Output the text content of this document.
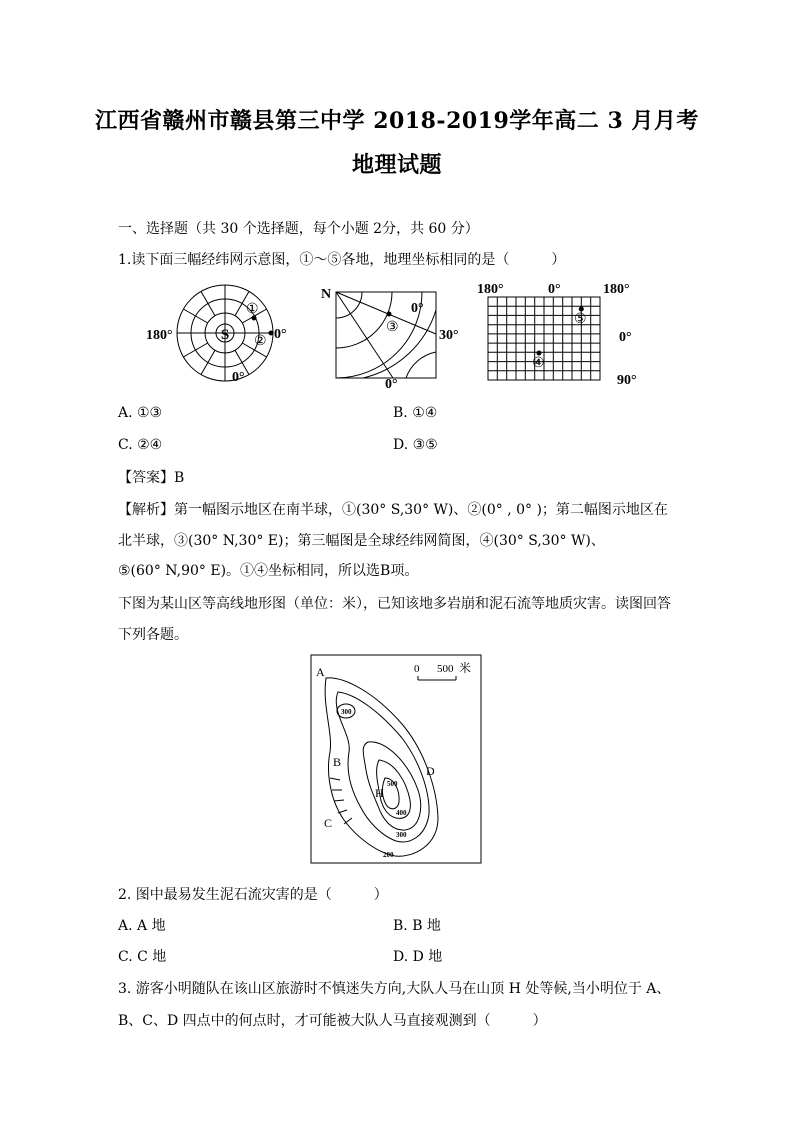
江西省赣州市赣县第三中学 2018-2019学年高二 3 月月考
地理试题
一、选择题（共 30 个选择题，每个小题 2分，共 60 分）
1.读下面三幅经纬网示意图，①～⑤各地，地理坐标相同的是（　　　）
S
①
②
180°	0°
0°
N
0°
③
30°
0°
180°	0°	180°
⑤
0°
④
90°
A. ①③	B. ①④
C. ②④	D. ③⑤
【答案】B
【解析】第一幅图示地区在南半球，①(30° S,30° W)、②(0° , 0° )；第二幅图示地区在
北半球，③(30° N,30° E)；第三幅图是全球经纬网简图，④(30° S,30° W)、
⑤(60° N,90° E)。①④坐标相同，所以选B项。
下图为某山区等高线地形图（单位：米），已知该地多岩崩和泥石流等地质灾害。读图回答
下列各题。
A
B
C
D
H
0 500 米
300
500
400
300
200
2. 图中最易发生泥石流灾害的是（　　　）
A. A 地	B. B 地
C. C 地	D. D 地
3. 游客小明随队在该山区旅游时不慎迷失方向,大队人马在山顶 H 处等候,当小明位于 A、
B、C、D 四点中的何点时，才可能被大队人马直接观测到（　　　）
